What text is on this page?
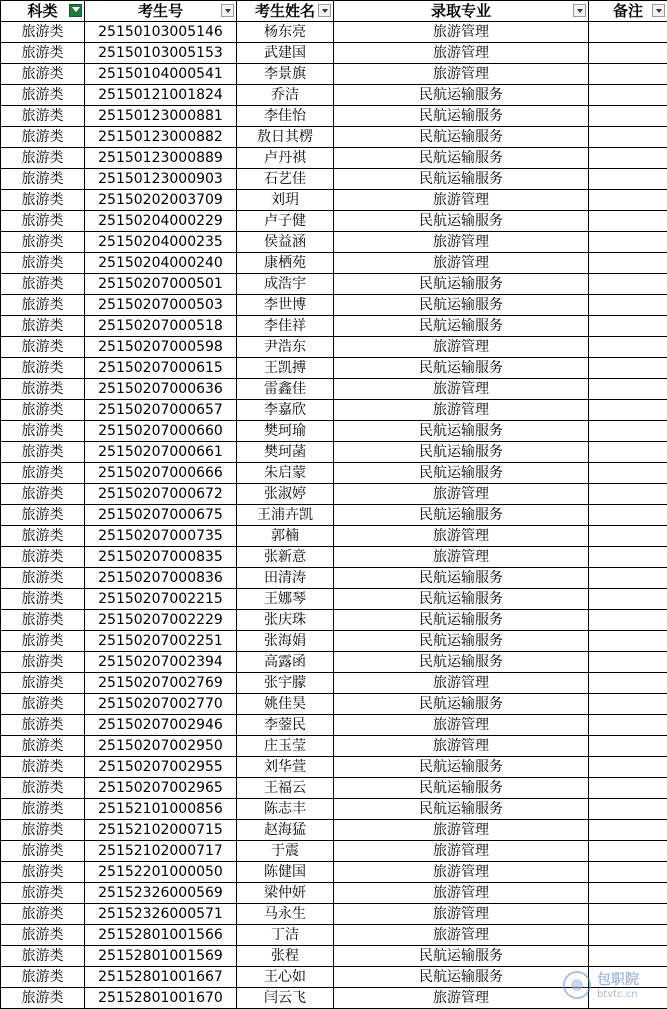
科类	考生号	考生姓名	录取专业	备注

旅游类	25150103005146	杨东亮	旅游管理	
旅游类	25150103005153	武建国	旅游管理	
旅游类	25150104000541	李景旗	旅游管理	
旅游类	25150121001824	乔洁	民航运输服务	
旅游类	25150123000881	李佳怡	民航运输服务	
旅游类	25150123000882	敖日其楞	民航运输服务	
旅游类	25150123000889	卢丹祺	民航运输服务	
旅游类	25150123000903	石艺佳	民航运输服务	
旅游类	25150202003709	刘玥	旅游管理	
旅游类	25150204000229	卢子健	民航运输服务	
旅游类	25150204000235	侯益涵	旅游管理	
旅游类	25150204000240	康栖苑	旅游管理	
旅游类	25150207000501	成浩宇	民航运输服务	
旅游类	25150207000503	李世博	民航运输服务	
旅游类	25150207000518	李佳祥	民航运输服务	
旅游类	25150207000598	尹浩东	旅游管理	
旅游类	25150207000615	王凯搏	民航运输服务	
旅游类	25150207000636	雷鑫佳	旅游管理	
旅游类	25150207000657	李嘉欣	旅游管理	
旅游类	25150207000660	樊珂瑜	民航运输服务	
旅游类	25150207000661	樊珂菡	民航运输服务	
旅游类	25150207000666	朱启蒙	民航运输服务	
旅游类	25150207000672	张淑婷	旅游管理	
旅游类	25150207000675	王浦卉凯	民航运输服务	
旅游类	25150207000735	郭楠	旅游管理	
旅游类	25150207000835	张新意	旅游管理	
旅游类	25150207000836	田清涛	民航运输服务	
旅游类	25150207002215	王娜琴	民航运输服务	
旅游类	25150207002229	张庆珠	民航运输服务	
旅游类	25150207002251	张海娟	民航运输服务	
旅游类	25150207002394	高露函	民航运输服务	
旅游类	25150207002769	张宇朦	旅游管理	
旅游类	25150207002770	姚佳昊	民航运输服务	
旅游类	25150207002946	李蓥民	旅游管理	
旅游类	25150207002950	庄玉莹	旅游管理	
旅游类	25150207002955	刘华萱	民航运输服务	
旅游类	25150207002965	王福云	民航运输服务	
旅游类	25152101000856	陈志丰	民航运输服务	
旅游类	25152102000715	赵海猛	旅游管理	
旅游类	25152102000717	于震	旅游管理	
旅游类	25152201000050	陈健国	旅游管理	
旅游类	25152326000569	梁仲妍	旅游管理	
旅游类	25152326000571	马永生	旅游管理	
旅游类	25152801001566	丁洁	旅游管理	
旅游类	25152801001569	张程	民航运输服务	
旅游类	25152801001667	王心如	民航运输服务	
旅游类	25152801001670	闫云飞	旅游管理	
包职院
btvtc.cn
